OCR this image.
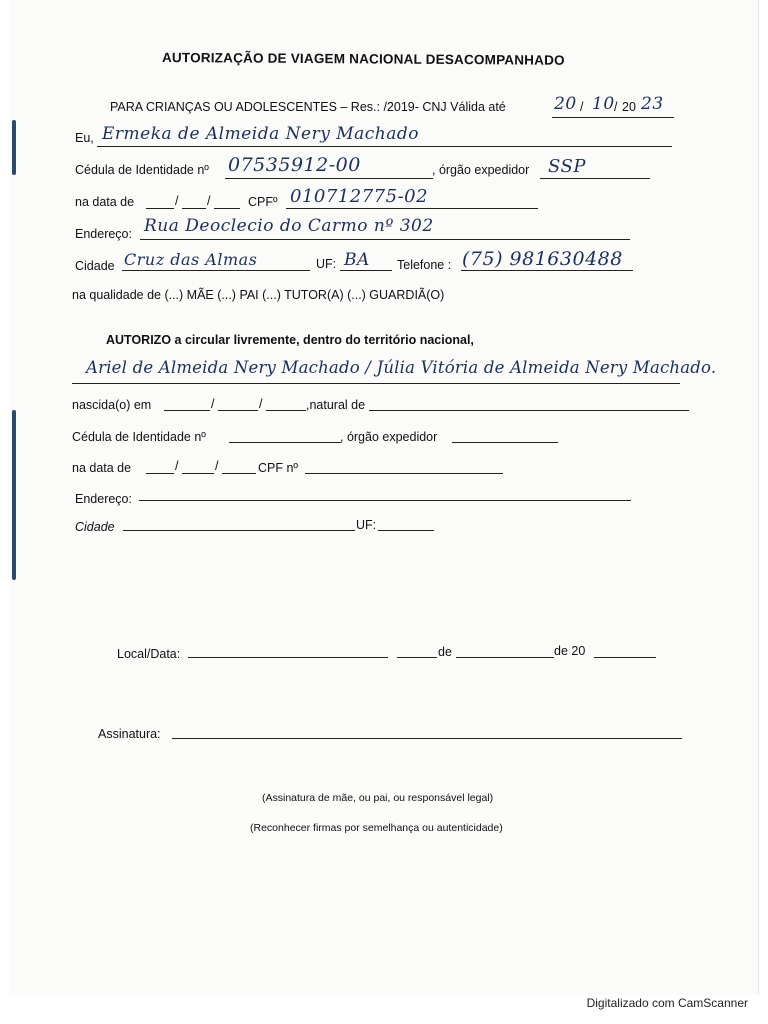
AUTORIZAÇÃO DE VIAGEM NACIONAL DESACOMPANHADO
PARA CRIANÇAS OU ADOLESCENTES – Res.: /2019- CNJ Válida até	20 / 10 / 20 23
Eu, Ermeka de Almeida Nery Machado
Cédula de Identidade nº 07535912-00	, órgão expedidor SSP
na data de	/ /	CPFº 010712775-02
Endereço: Rua Deoclecio do Carmo nº 302
Cidade Cruz das Almas	UF: BA Telefone : (75) 981630488
na qualidade de (...) MÃE (...) PAI (...) TUTOR(A) (...) GUARDIÃ(O)
AUTORIZO a circular livremente, dentro do território nacional,
Ariel de Almeida Nery Machado / Júlia Vitória de Almeida Nery Machado.
nascida(o) em	/	/	,natural de
Cédula de Identidade nº	, órgão expedidor
na data de	/	/	CPF nº
Endereço:
Cidade	UF:
Local/Data:	de	de 20
Assinatura:
(Assinatura de mãe, ou pai, ou responsável legal)
(Reconhecer firmas por semelhança ou autenticidade)
Digitalizado com CamScanner
